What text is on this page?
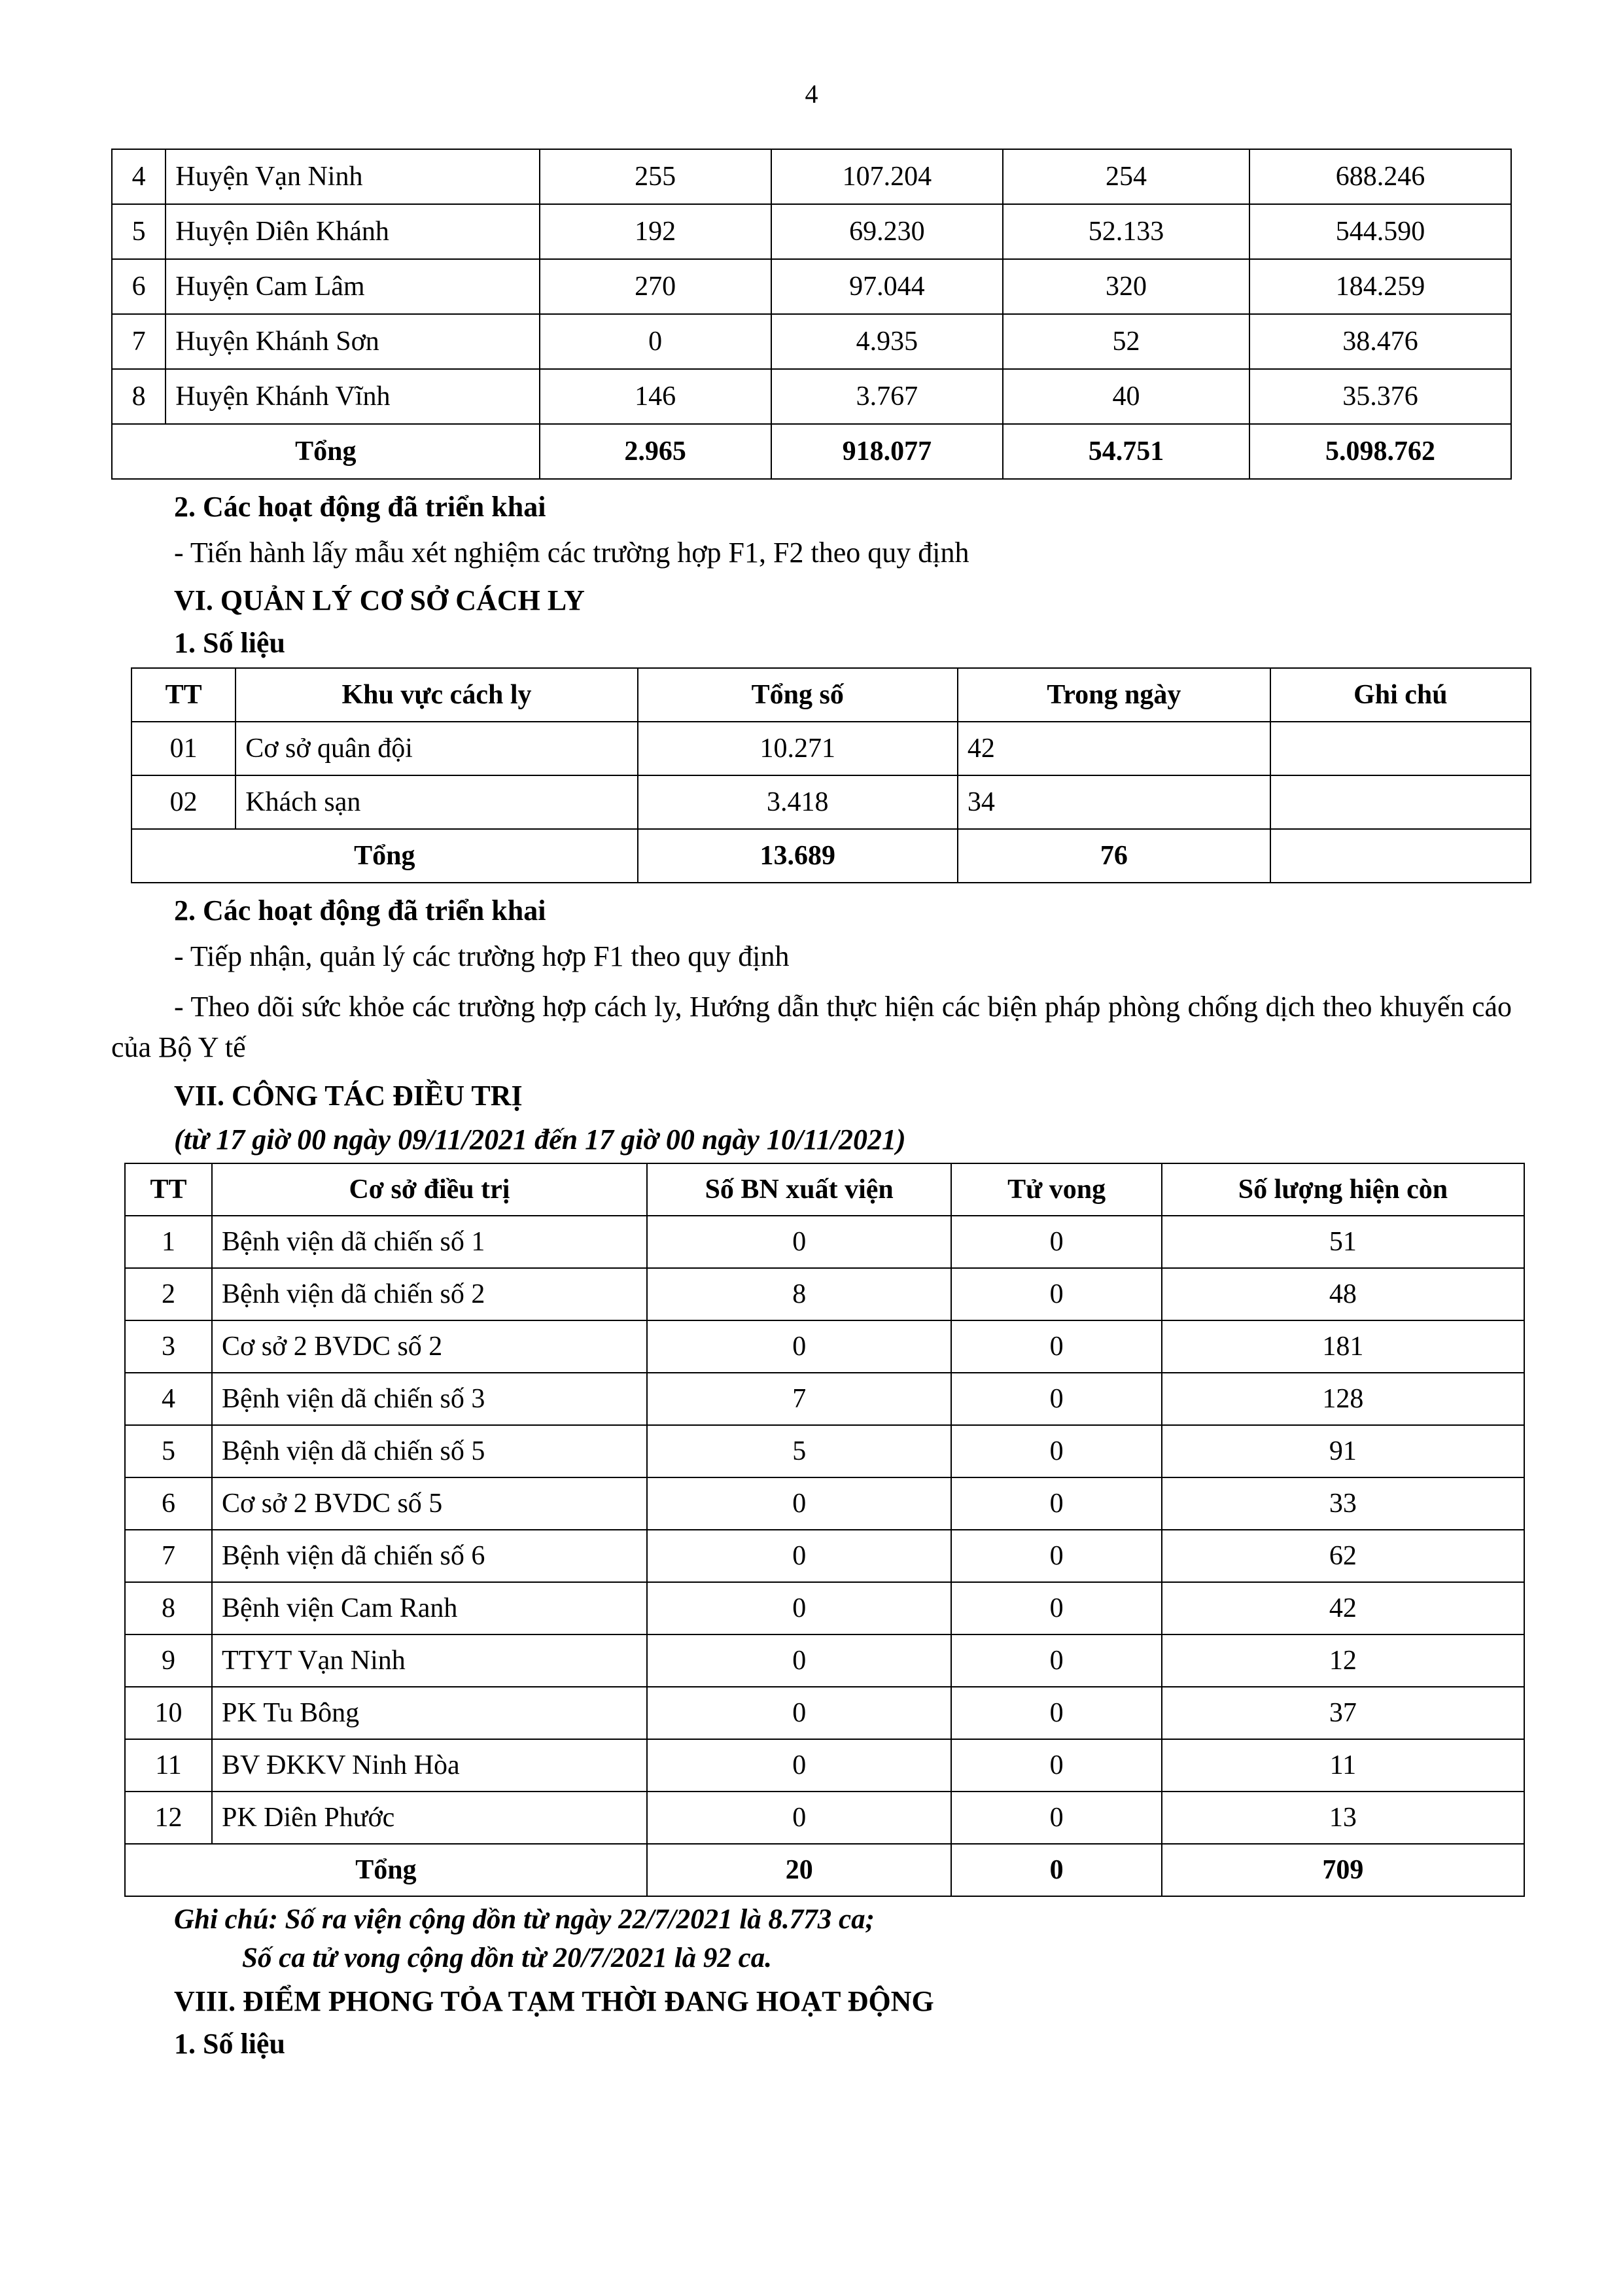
4
4	Huyện Vạn Ninh	255	107.204	254	688.246
5	Huyện Diên Khánh	192	69.230	52.133	544.590
6	Huyện Cam Lâm	270	97.044	320	184.259
7	Huyện Khánh Sơn	0	4.935	52	38.476
8	Huyện Khánh Vĩnh	146	3.767	40	35.376
Tổng		2.965	918.077	54.751	5.098.762
2. Các hoạt động đã triển khai
- Tiến hành lấy mẫu xét nghiệm các trường hợp F1, F2 theo quy định
VI. QUẢN LÝ CƠ SỞ CÁCH LY
1. Số liệu
TT	Khu vực cách ly	Tổng số	Trong ngày	Ghi chú
01	Cơ sở quân đội	10.271	42	
02	Khách sạn	3.418	34	
Tổng		13.689	76	
2. Các hoạt động đã triển khai
- Tiếp nhận, quản lý các trường hợp F1 theo quy định
- Theo dõi sức khỏe các trường hợp cách ly, Hướng dẫn thực hiện các biện pháp phòng chống dịch theo khuyến cáo của Bộ Y tế
VII. CÔNG TÁC ĐIỀU TRỊ
(từ 17 giờ 00 ngày 09/11/2021 đến 17 giờ 00 ngày 10/11/2021)
TT	Cơ sở điều trị	Số BN xuất viện	Tử vong	Số lượng hiện còn
1	Bệnh viện dã chiến số 1	0	0	51
2	Bệnh viện dã chiến số 2	8	0	48
3	Cơ sở 2 BVDC số 2	0	0	181
4	Bệnh viện dã chiến số 3	7	0	128
5	Bệnh viện dã chiến số 5	5	0	91
6	Cơ sở 2 BVDC số 5	0	0	33
7	Bệnh viện dã chiến số 6	0	0	62
8	Bệnh viện Cam Ranh	0	0	42
9	TTYT Vạn Ninh	0	0	12
10	PK Tu Bông	0	0	37
11	BV ĐKKV Ninh Hòa	0	0	11
12	PK Diên Phước	0	0	13
Tổng		20	0	709
Ghi chú: Số ra viện cộng dồn từ ngày 22/7/2021 là 8.773 ca;
Số ca tử vong cộng dồn từ 20/7/2021 là 92 ca.
VIII. ĐIỂM PHONG TỎA TẠM THỜI ĐANG HOẠT ĐỘNG
1. Số liệu
